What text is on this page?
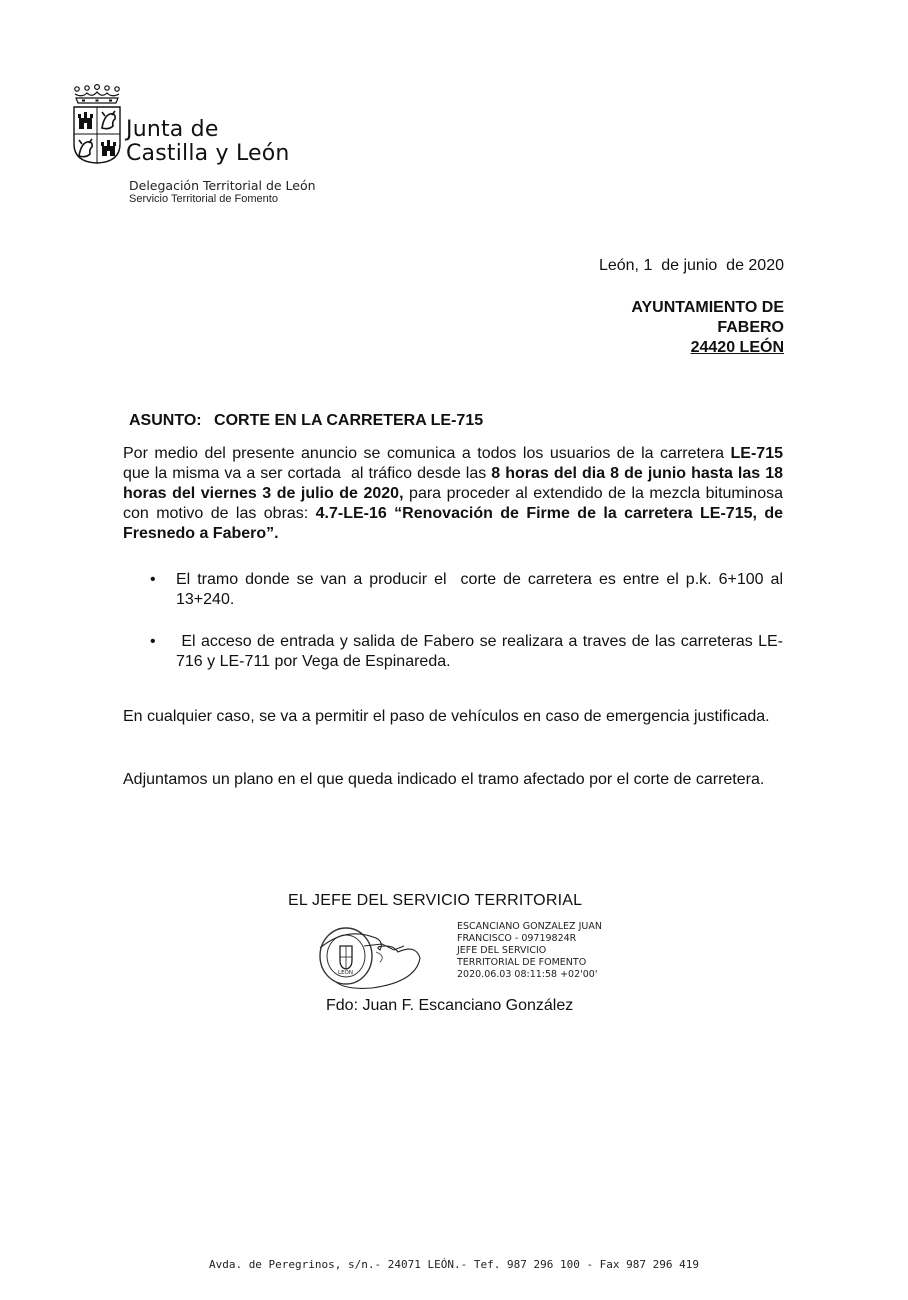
Junta de
Castilla y León
Delegación Territorial de León
Servicio Territorial de Fomento
León, 1  de junio  de 2020
AYUNTAMIENTO DE
FABERO
24420 LEÓN
ASUNTO: CORTE EN LA CARRETERA LE-715
Por medio del presente anuncio se comunica a todos los usuarios de la carretera LE-715 que la misma va a ser cortada  al tráfico desde las 8 horas del dia 8 de junio hasta las 18 horas del viernes 3 de julio de 2020, para proceder al extendido de la mezcla bituminosa con motivo de las obras: 4.7-LE-16 “Renovación de Firme de la carretera LE-715, de Fresnedo a Fabero”.
• El tramo donde se van a producir el  corte de carretera es entre el p.k. 6+100 al 13+240.
• El acceso de entrada y salida de Fabero se realizara a traves de las carreteras LE-716 y LE-711 por Vega de Espinareda.
En cualquier caso, se va a permitir el paso de vehículos en caso de emergencia justificada.
Adjuntamos un plano en el que queda indicado el tramo afectado por el corte de carretera.
EL JEFE DEL SERVICIO TERRITORIAL
LEÓN
ESCANCIANO GONZALEZ JUAN
FRANCISCO - 09719824R
JEFE DEL SERVICIO
TERRITORIAL DE FOMENTO
2020.06.03 08:11:58 +02'00'
Fdo: Juan F. Escanciano González
Avda. de Peregrinos, s/n.- 24071 LEÓN.- Tef. 987 296 100 - Fax 987 296 419
